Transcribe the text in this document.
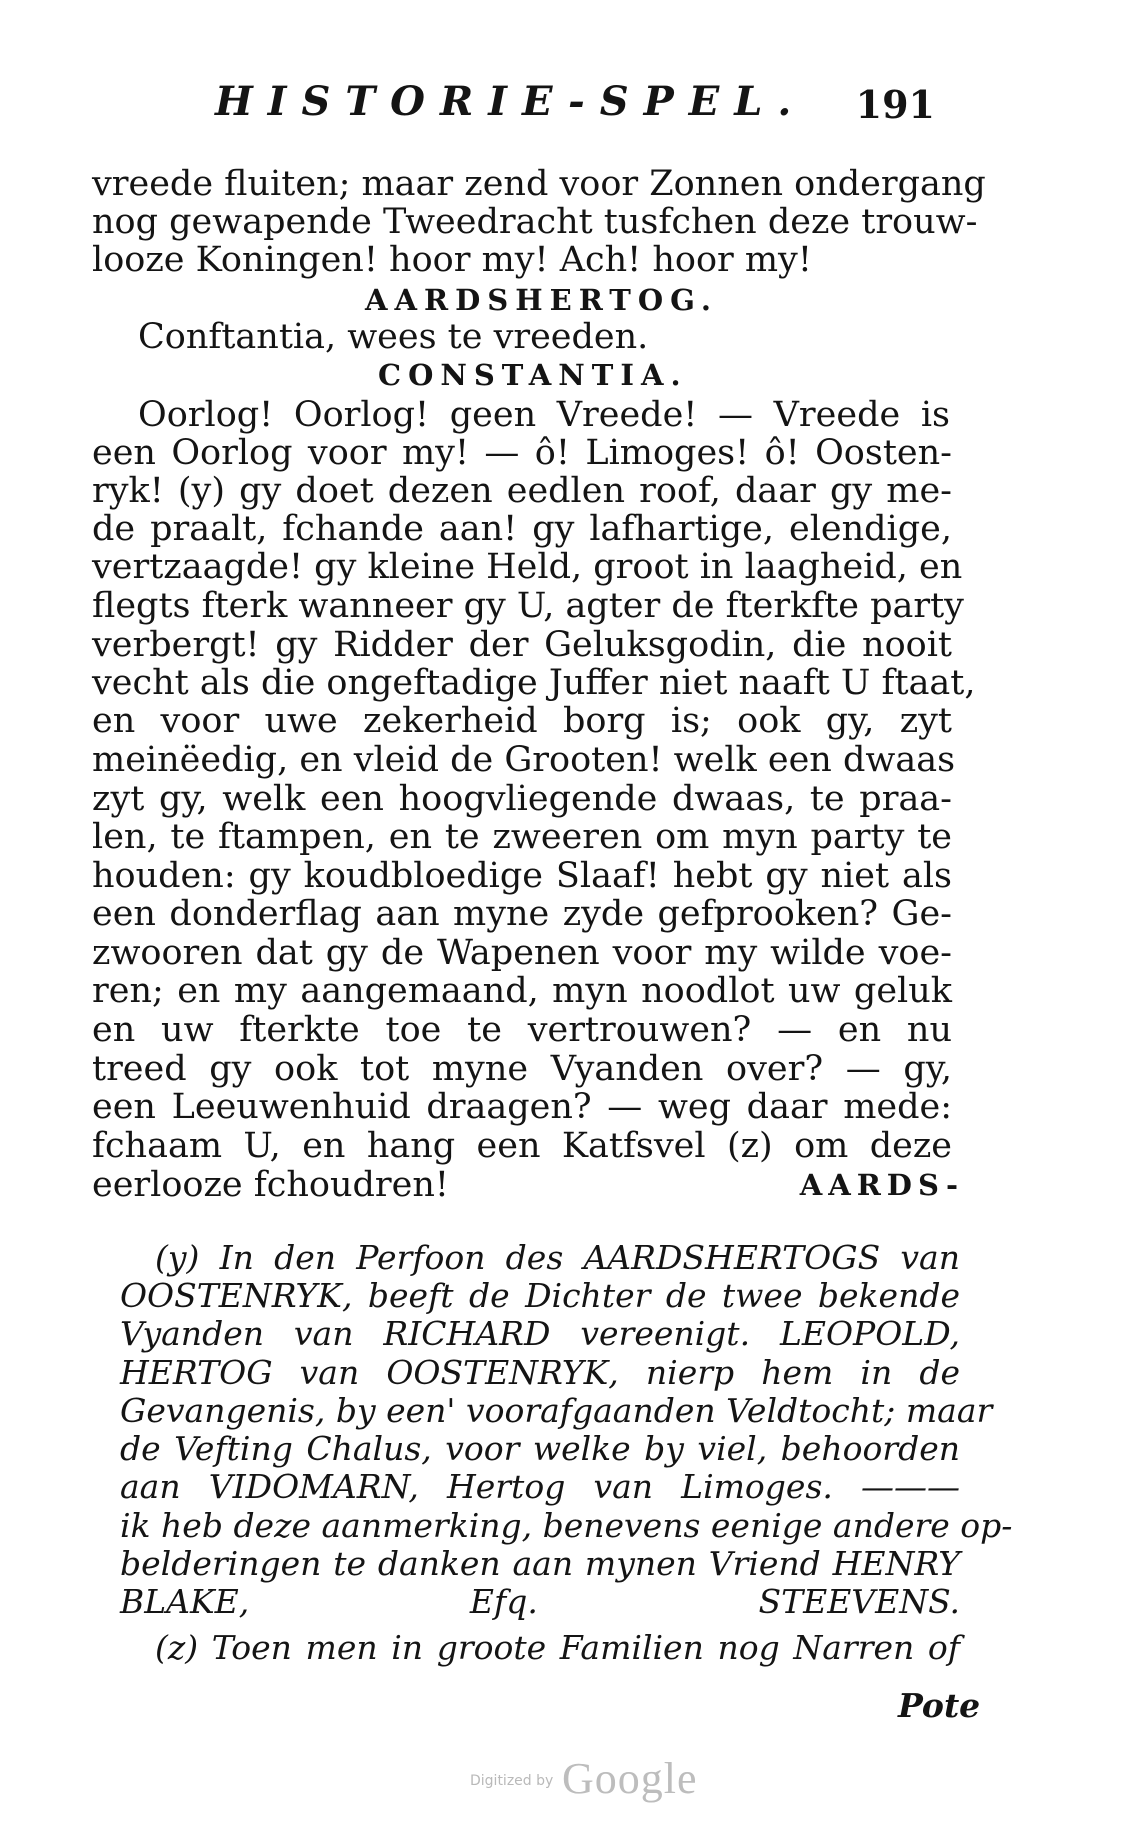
HISTORIE-SPEL. 191
vreede fluiten; maar zend voor Zonnen ondergang
nog gewapende Tweedracht tusfchen deze trouw-
looze Koningen! hoor my! Ach! hoor my!
AARDSHERTOG.
Conftantia, wees te vreeden.
CONSTANTIA.
Oorlog! Oorlog! geen Vreede! — Vreede is
een Oorlog voor my! — ô! Limoges! ô! Oosten-
ryk! (y) gy doet dezen eedlen roof, daar gy me-
de praalt, fchande aan! gy lafhartige, elendige,
vertzaagde! gy kleine Held, groot in laagheid, en
flegts fterk wanneer gy U, agter de fterkfte party
verbergt! gy Ridder der Geluksgodin, die nooit
vecht als die ongeftadige Juffer niet naaft U ftaat,
en voor uwe zekerheid borg is; ook gy, zyt
meinëedig, en vleid de Grooten! welk een dwaas
zyt gy, welk een hoogvliegende dwaas, te praa-
len, te ftampen, en te zweeren om myn party te
houden: gy koudbloedige Slaaf! hebt gy niet als
een donderflag aan myne zyde gefprooken? Ge-
zwooren dat gy de Wapenen voor my wilde voe-
ren; en my aangemaand, myn noodlot uw geluk
en uw fterkte toe te vertrouwen? — en nu
treed gy ook tot myne Vyanden over? — gy,
een Leeuwenhuid draagen? — weg daar mede:
fchaam U, en hang een Katfsvel (z) om deze
eerlooze fchoudren!	AARDS-
(y) In den Perfoon des AARDSHERTOGS van
OOSTENRYK, beeft de Dichter de twee bekende
Vyanden van RICHARD vereenigt. LEOPOLD,
HERTOG van OOSTENRYK, nierp hem in de
Gevangenis, by een' voorafgaanden Veldtocht; maar
de Vefting Chalus, voor welke by viel, behoorden
aan VIDOMARN, Hertog van Limoges. ———
ik heb deze aanmerking, benevens eenige andere op-
belderingen te danken aan mynen Vriend HENRY
BLAKE, Efq. STEEVENS.
(z) Toen men in groote Familien nog Narren of
Pote
Digitized by Google
